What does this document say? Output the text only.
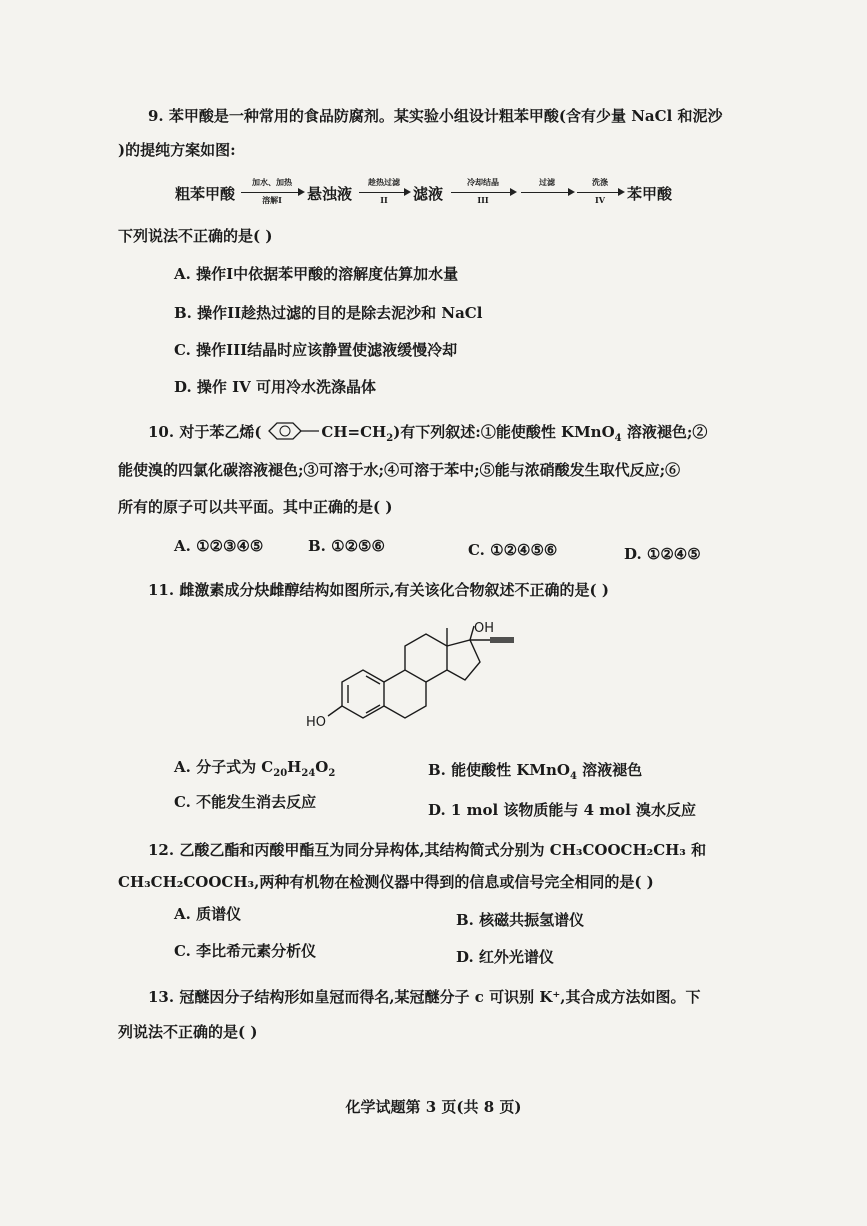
9. 苯甲酸是一种常用的食品防腐剂。某实验小组设计粗苯甲酸(含有少量 NaCl 和泥沙
)的提纯方案如图:
粗苯甲酸
加水、加热
溶解I	悬浊液
趁热过滤
II	滤液
冷却结晶
III
过滤	洗涤
IV	苯甲酸
下列说法不正确的是( )
A. 操作I中依据苯甲酸的溶解度估算加水量
B. 操作II趁热过滤的目的是除去泥沙和 NaCl
C. 操作III结晶时应该静置使滤液缓慢冷却
D. 操作 IV 可用冷水洗涤晶体
10. 对于苯乙烯(	$CH=CH_2$)有下列叙述:①能使酸性 KMnO$_4$ 溶液褪色;②
能使溴的四氯化碳溶液褪色;③可溶于水;④可溶于苯中;⑤能与浓硝酸发生取代反应;⑥
所有的原子可以共平面。其中正确的是( )
A. ①②③④⑤	B. ①②⑤⑥	C. ①②④⑤⑥	D. ①②④⑤
11. 雌激素成分炔雌醇结构如图所示,有关该化合物叙述不正确的是( )
OH
HO
A. 分子式为 $C_{20}H_{24}O_2$	B. 能使酸性 KMnO$_4$ 溶液褪色
C. 不能发生消去反应	D. 1 mol 该物质能与 4 mol 溴水反应
12. 乙酸乙酯和丙酸甲酯互为同分异构体,其结构简式分别为 CH₃COOCH₂CH₃ 和
CH₃CH₂COOCH₃,两种有机物在检测仪器中得到的信息或信号完全相同的是( )
A. 质谱仪	B. 核磁共振氢谱仪
C. 李比希元素分析仪	D. 红外光谱仪
13. 冠醚因分子结构形如皇冠而得名,某冠醚分子 c 可识别 K⁺,其合成方法如图。下
列说法不正确的是( )
化学试题第 3 页(共 8 页)
